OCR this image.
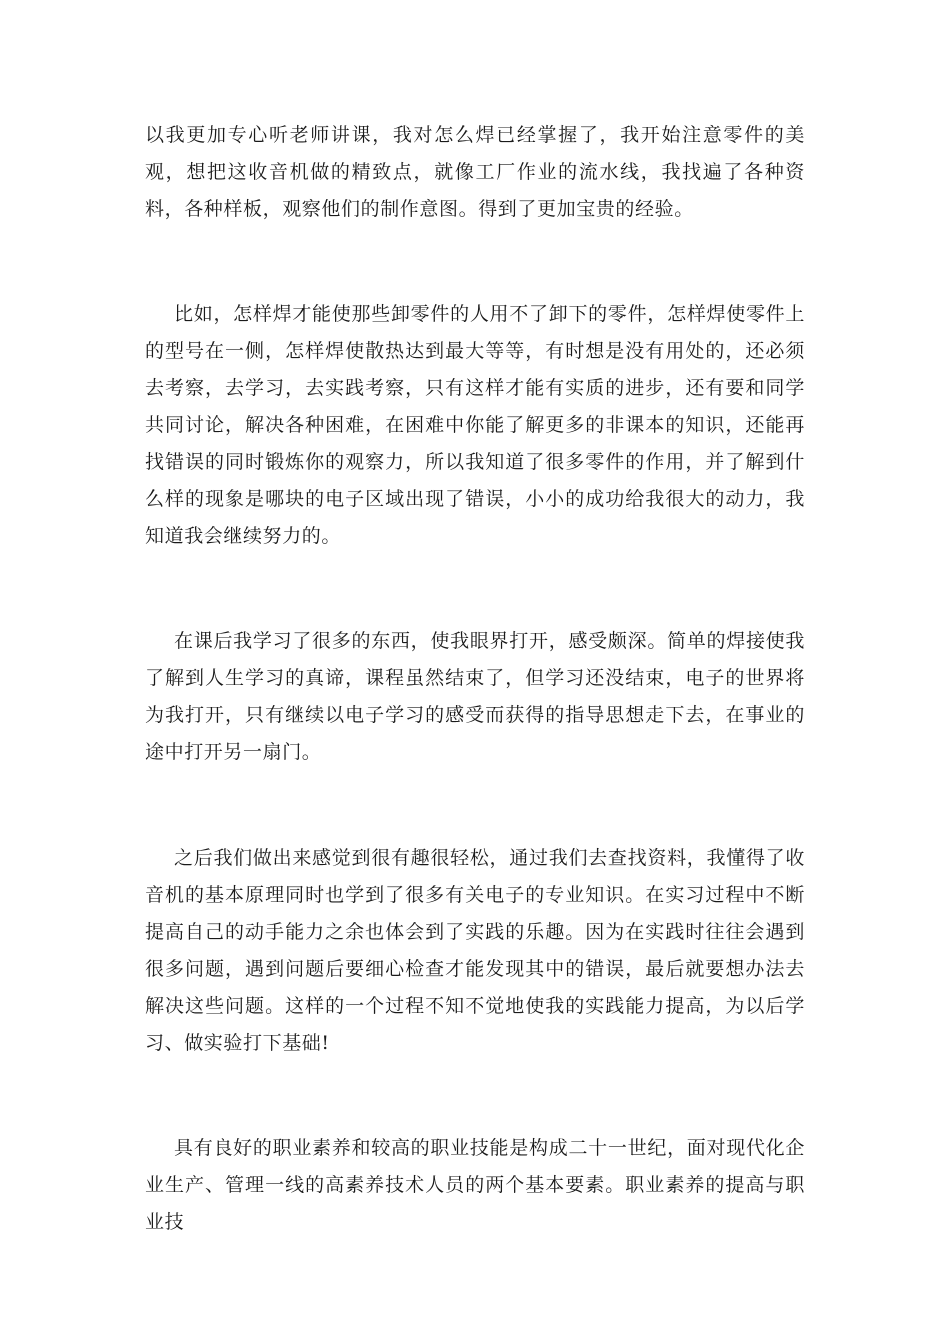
以我更加专心听老师讲课，我对怎么焊已经掌握了，我开始注意零件的美观，想把这收音机做的精致点，就像工厂作业的流水线，我找遍了各种资料，各种样板，观察他们的制作意图。得到了更加宝贵的经验。

比如，怎样焊才能使那些卸零件的人用不了卸下的零件，怎样焊使零件上的型号在一侧，怎样焊使散热达到最大等等，有时想是没有用处的，还必须去考察，去学习，去实践考察，只有这样才能有实质的进步，还有要和同学共同讨论，解决各种困难，在困难中你能了解更多的非课本的知识，还能再找错误的同时锻炼你的观察力，所以我知道了很多零件的作用，并了解到什么样的现象是哪块的电子区域出现了错误，小小的成功给我很大的动力，我知道我会继续努力的。

在课后我学习了很多的东西，使我眼界打开，感受颇深。简单的焊接使我了解到人生学习的真谛，课程虽然结束了，但学习还没结束，电子的世界将为我打开，只有继续以电子学习的感受而获得的指导思想走下去，在事业的途中打开另一扇门。

之后我们做出来感觉到很有趣很轻松，通过我们去查找资料，我懂得了收音机的基本原理同时也学到了很多有关电子的专业知识。在实习过程中不断提高自己的动手能力之余也体会到了实践的乐趣。因为在实践时往往会遇到很多问题，遇到问题后要细心检查才能发现其中的错误，最后就要想办法去解决这些问题。这样的一个过程不知不觉地使我的实践能力提高，为以后学习、做实验打下基础!

具有良好的职业素养和较高的职业技能是构成二十一世纪，面对现代化企业生产、管理一线的高素养技术人员的两个基本要素。职业素养的提高与职业技
